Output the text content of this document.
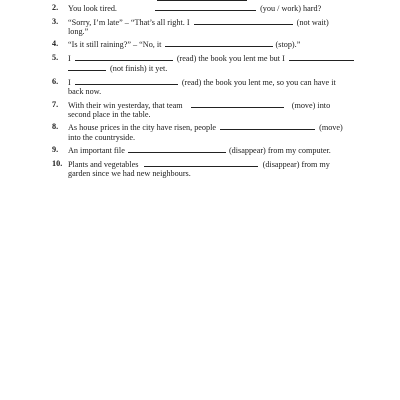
2. You look tired.	(you / work) hard?
3. “Sorry, I’m late” – “That’s all right. I	(not wait)
long.”
4. “Is it still raining?” – “No, it	(stop).”
5. I	(read) the book you lent me but I
(not finish) it yet.
6. I	(read) the book you lent me, so you can have it
back now.
7. With their win yesterday, that team	(move) into
second place in the table.
8. As house prices in the city have risen, people	(move)
into the countryside.
9. An important file	(disappear) from my computer.
10. Plants and vegetables	(disappear) from my
garden since we had new neighbours.
